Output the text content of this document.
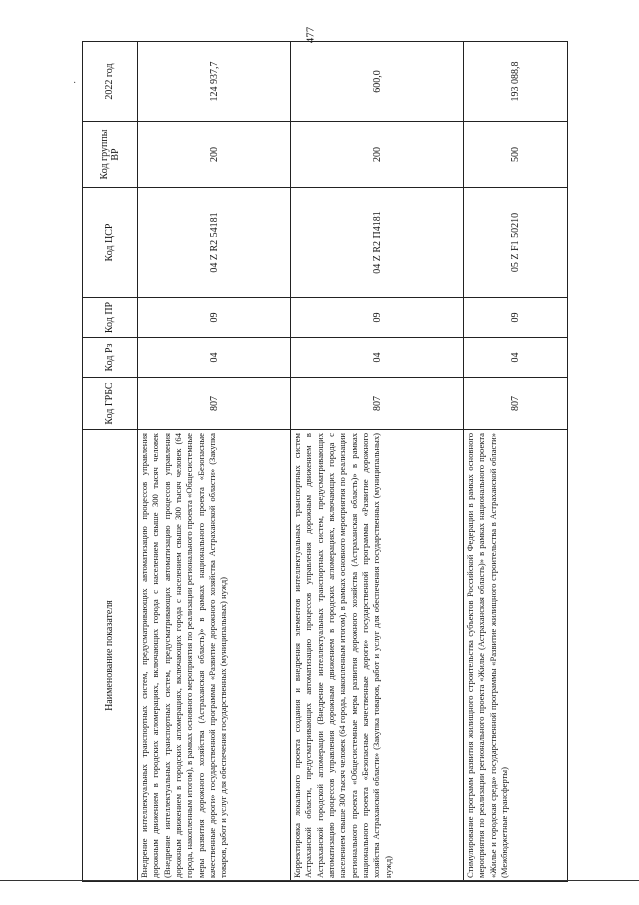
477
·
Наименование показателя	Код ГРБС	Код Рз	Код ПР	Код ЦСР	Код группы ВР	2022 год
Внедрение интеллектуальных транспортных систем, предусматривающих автоматизацию процессов управления дорожным движением в городских агломерациях, включающих города с населением свыше 300 тысяч человек (Внедрение интеллектуальных транспортных систем, предусматривающих автоматизацию процессов управления дорожным движением в городских агломерациях, включающих города с населением свыше 300 тысяч человек (64 города, накопленным итогом), в рамках основного мероприятия по реализации регионального проекта «Общесистемные меры развития дорожного хозяйства (Астраханская область)» в рамках национального проекта «Безопасные качественные дороги» государственной программы «Развитие дорожного хозяйства Астраханской области» (Закупка товаров, работ и услуг для обеспечения государственных (муниципальных) нужд)	807	04	09	04 Z R2 54181	200	124 937,7
Корректировка локального проекта создания и внедрения элементов интеллектуальных транспортных систем Астраханской области, предусматривающих автоматизацию процессов управления дорожным движением в Астраханской городской агломерации (Внедрение интеллектуальных транспортных систем, предусматривающих автоматизацию процессов управления дорожным движением в городских агломерациях, включающих города с населением свыше 300 тысяч человек (64 города, накопленным итогом), в рамках основного мероприятия по реализации регионального проекта «Общесистемные меры развития дорожного хозяйства (Астраханская область)» в рамках национального проекта «Безопасные качественные дороги» государственной программы «Развитие дорожного хозяйства Астраханской области» (Закупка товаров, работ и услуг для обеспечения государственных (муниципальных) нужд)	807	04	09	04 Z R2 П4181	200	600,0
Стимулирование программ развития жилищного строительства субъектов Российской Федерации в рамках основного мероприятия по реализации регионального проекта «Жилье (Астраханская область)» в рамках национального проекта «Жилье и городская среда» государственной программы «Развитие жилищного строительства в Астраханской области» (Межбюджетные трансферты)	807	04	09	05 Z F1 50210	500	193 088,8
